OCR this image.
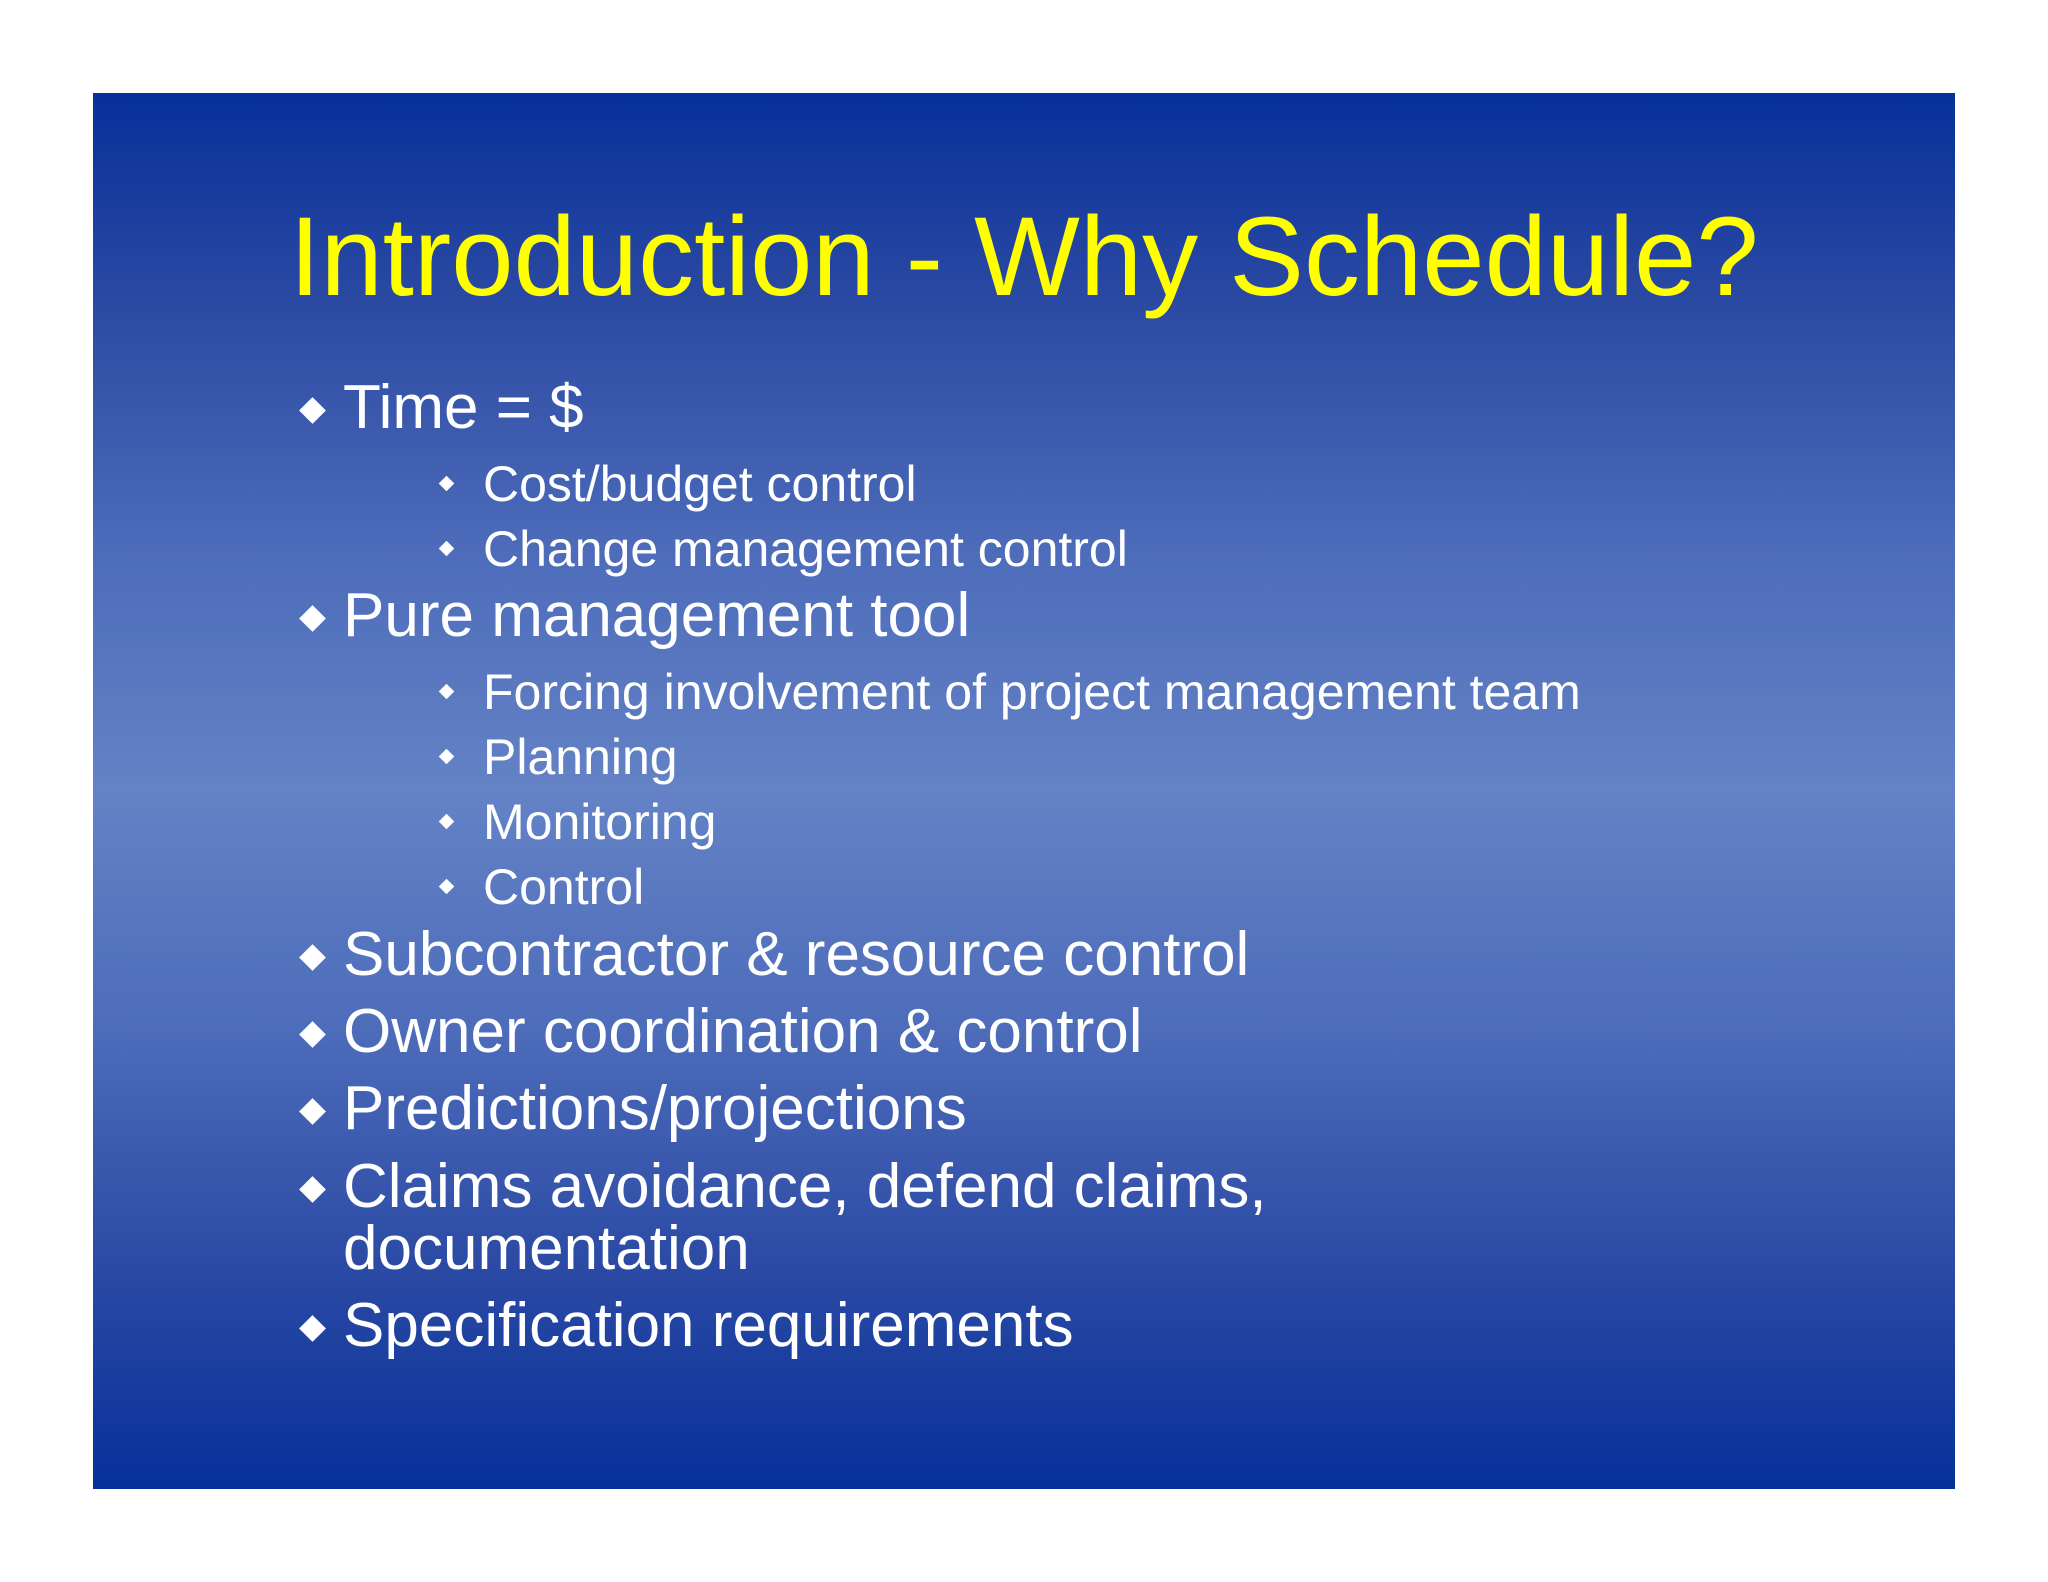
Introduction - Why Schedule?
Time = $
Cost/budget control
Change management control
Pure management tool
Forcing involvement of project management team
Planning
Monitoring
Control
Subcontractor & resource control
Owner coordination & control
Predictions/projections
Claims avoidance, defend claims,
documentation
Specification requirements
